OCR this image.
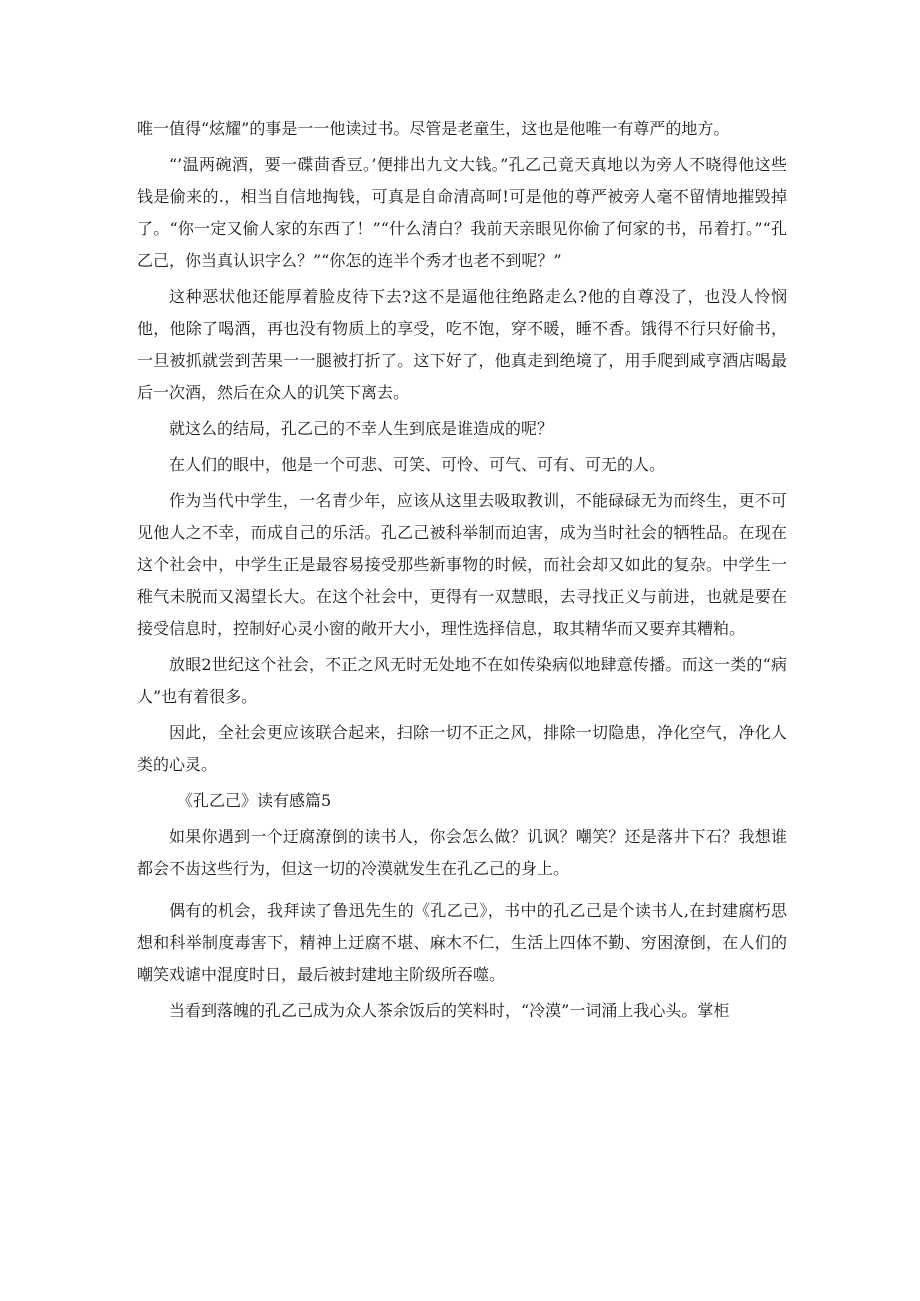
唯一值得“炫耀”的事是一一他读过书。尽管是老童生，这也是他唯一有尊严的地方。

“’温两碗酒，要一碟茴香豆。’便排出九文大钱。”孔乙己竟天真地以为旁人不晓得他这些钱是偷来的.，相当自信地掏钱，可真是自命清高呵!可是他的尊严被旁人毫不留情地摧毁掉了。“你一定又偷人家的东西了！”“什么清白？我前天亲眼见你偷了何家的书，吊着打。”“孔乙己，你当真认识字么？”“你怎的连半个秀才也老不到呢？”

这种恶状他还能厚着脸皮待下去?这不是逼他往绝路走么?他的自尊没了，也没人怜悯他，他除了喝酒，再也没有物质上的享受，吃不饱，穿不暖，睡不香。饿得不行只好偷书，一旦被抓就尝到苦果一一腿被打折了。这下好了，他真走到绝境了，用手爬到咸亨酒店喝最后一次酒，然后在众人的讥笑下离去。

就这么的结局，孔乙己的不幸人生到底是谁造成的呢？

在人们的眼中，他是一个可悲、可笑、可怜、可气、可有、可无的人。

作为当代中学生，一名青少年，应该从这里去吸取教训，不能碌碌无为而终生，更不可见他人之不幸，而成自己的乐活。孔乙己被科举制而迫害，成为当时社会的牺牲品。在现在这个社会中，中学生正是最容易接受那些新事物的时候，而社会却又如此的复杂。中学生一稚气未脱而又渴望长大。在这个社会中，更得有一双慧眼，去寻找正义与前进，也就是要在接受信息时，控制好心灵小窗的敞开大小，理性选择信息，取其精华而又要弃其糟粕。

放眼2世纪这个社会，不正之风无时无处地不在如传染病似地肆意传播。而这一类的“病人”也有着很多。

因此，全社会更应该联合起来，扫除一切不正之风，排除一切隐患，净化空气，净化人类的心灵。

《孔乙己》读有感篇5

如果你遇到一个迂腐潦倒的读书人，你会怎么做？讥讽？嘲笑？还是落井下石？我想谁都会不齿这些行为，但这一切的冷漠就发生在孔乙己的身上。

偶有的机会，我拜读了鲁迅先生的《孔乙己》，书中的孔乙己是个读书人,在封建腐朽思想和科举制度毒害下，精神上迂腐不堪、麻木不仁，生活上四体不勤、穷困潦倒，在人们的嘲笑戏谑中混度时日，最后被封建地主阶级所吞噬。

当看到落魄的孔乙己成为众人茶余饭后的笑料时，“冷漠”一词涌上我心头。掌柜
